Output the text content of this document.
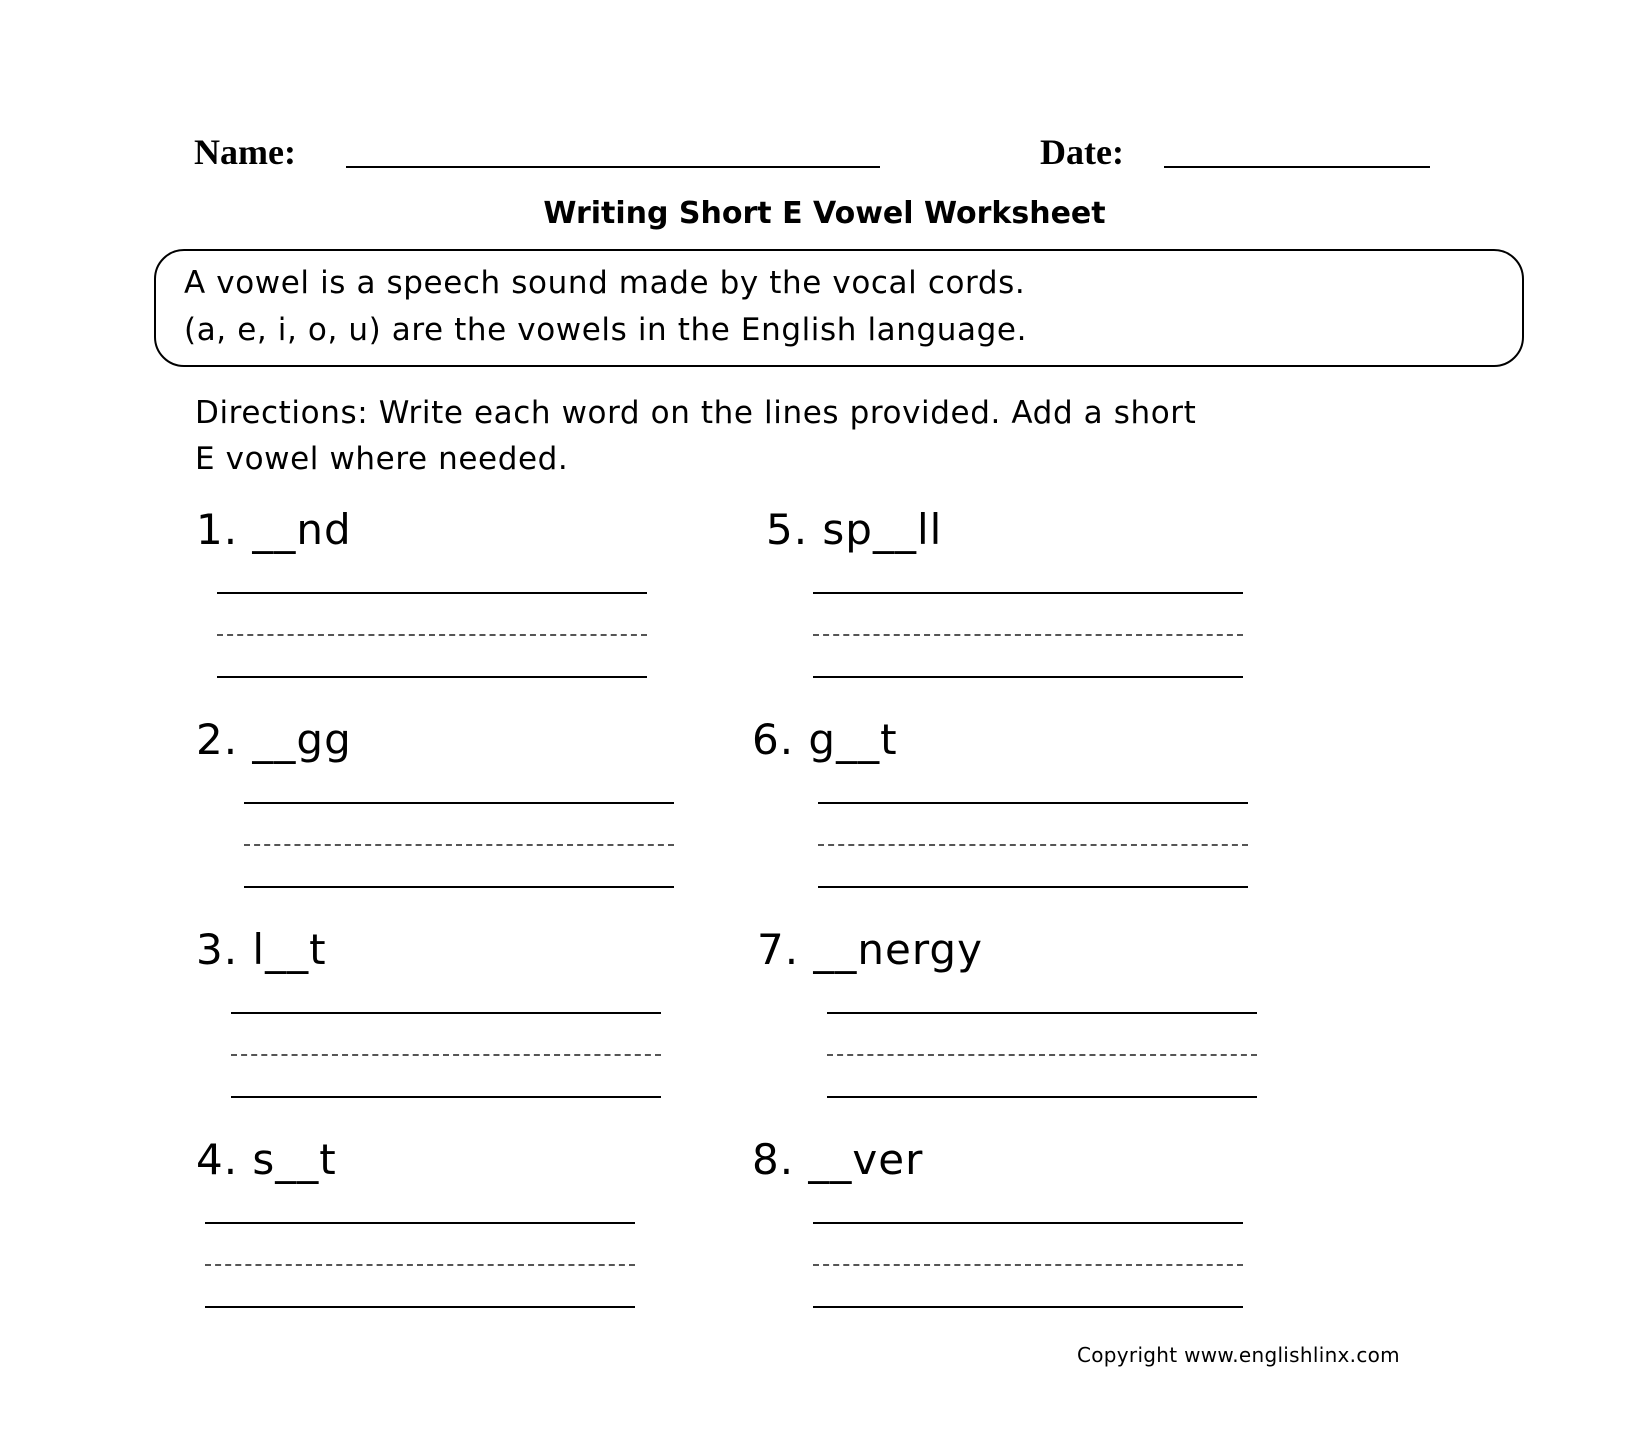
Name:	Date:
Writing Short E Vowel Worksheet
A vowel is a speech sound made by the vocal cords.
(a, e, i, o, u) are the vowels in the English language.
Directions: Write each word on the lines provided. Add a short
E vowel where needed.
1. __nd
2. __gg
3. l__t
4. s__t
5. sp__ll
6. g__t
7. __nergy
8. __ver
Copyright www.englishlinx.com
